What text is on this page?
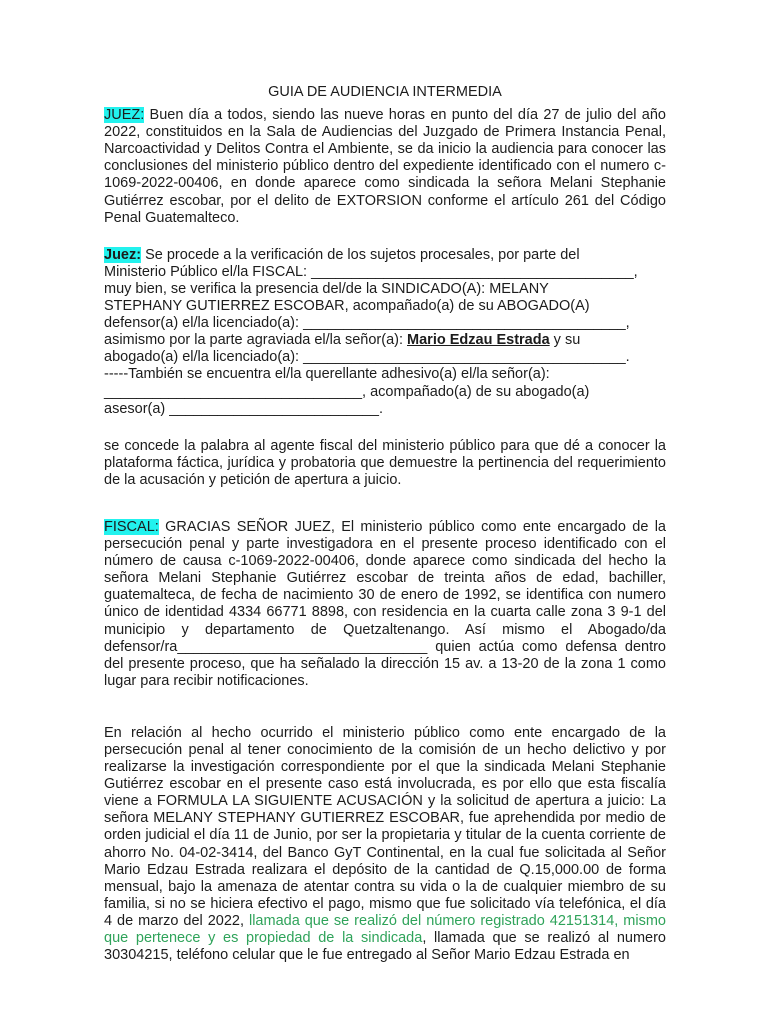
GUIA DE AUDIENCIA INTERMEDIA

JUEZ: Buen día a todos, siendo las nueve horas en punto del día 27 de julio del año 2022, constituidos en la Sala de Audiencias del Juzgado de Primera Instancia Penal, Narcoactividad y Delitos Contra el Ambiente, se da inicio la audiencia para conocer las conclusiones del ministerio público dentro del expediente identificado con el numero c-1069-2022-00406, en donde aparece como sindicada la señora Melani Stephanie Gutiérrez escobar, por el delito de EXTORSION conforme el artículo 261 del Código Penal Guatemalteco.

Juez: Se procede a la verificación de los sujetos procesales, por parte del

Ministerio Público el/la FISCAL: ________________________________________,

muy bien, se verifica la presencia del/de la SINDICADO(A): MELANY

STEPHANY GUTIERREZ ESCOBAR, acompañado(a) de su ABOGADO(A)

defensor(a) el/la licenciado(a): ________________________________________,

asimismo por la parte agraviada el/la señor(a): Mario Edzau Estrada y su

abogado(a) el/la licenciado(a): ________________________________________.

-----También se encuentra el/la querellante adhesivo(a) el/la señor(a):

________________________________, acompañado(a) de su abogado(a)

asesor(a) __________________________.

se concede la palabra al agente fiscal del ministerio público para que dé a conocer la plataforma fáctica, jurídica y probatoria que demuestre la pertinencia del requerimiento de la acusación y petición de apertura a juicio.

FISCAL: GRACIAS SEÑOR JUEZ, El ministerio público como ente encargado de la persecución penal y parte investigadora en el presente proceso identificado con el número de causa c-1069-2022-00406, donde aparece como sindicada del hecho la señora Melani Stephanie Gutiérrez escobar de treinta años de edad, bachiller, guatemalteca, de fecha de nacimiento 30 de enero de 1992, se identifica con numero único de identidad 4334 66771 8898, con residencia en la cuarta calle zona 3 9-1 del municipio y departamento de Quetzaltenango. Así mismo el Abogado/da defensor/ra_______________________________ quien actúa como defensa dentro del presente proceso, que ha señalado la dirección 15 av. a 13-20 de la zona 1 como lugar para recibir notificaciones.

En relación al hecho ocurrido el ministerio público como ente encargado de la persecución penal al tener conocimiento de la comisión de un hecho delictivo y por realizarse la investigación correspondiente por el que la sindicada Melani Stephanie Gutiérrez escobar en el presente caso está involucrada, es por ello que esta fiscalía viene a FORMULA LA SIGUIENTE ACUSACIÓN y la solicitud de apertura a juicio: La señora MELANY STEPHANY GUTIERREZ ESCOBAR, fue aprehendida por medio de orden judicial el día 11 de Junio, por ser la propietaria y titular de la cuenta corriente de ahorro No. 04-02-3414, del Banco GyT Continental, en la cual fue solicitada al Señor Mario Edzau Estrada realizara el depósito de la cantidad de Q.15,000.00 de forma mensual, bajo la amenaza de atentar contra su vida o la de cualquier miembro de su familia, si no se hiciera efectivo el pago, mismo que fue solicitado vía telefónica, el día 4 de marzo del 2022, llamada que se realizó del número registrado 42151314, mismo que pertenece y es propiedad de la sindicada, llamada que se realizó al numero 30304215, teléfono celular que le fue entregado al Señor Mario Edzau Estrada en
